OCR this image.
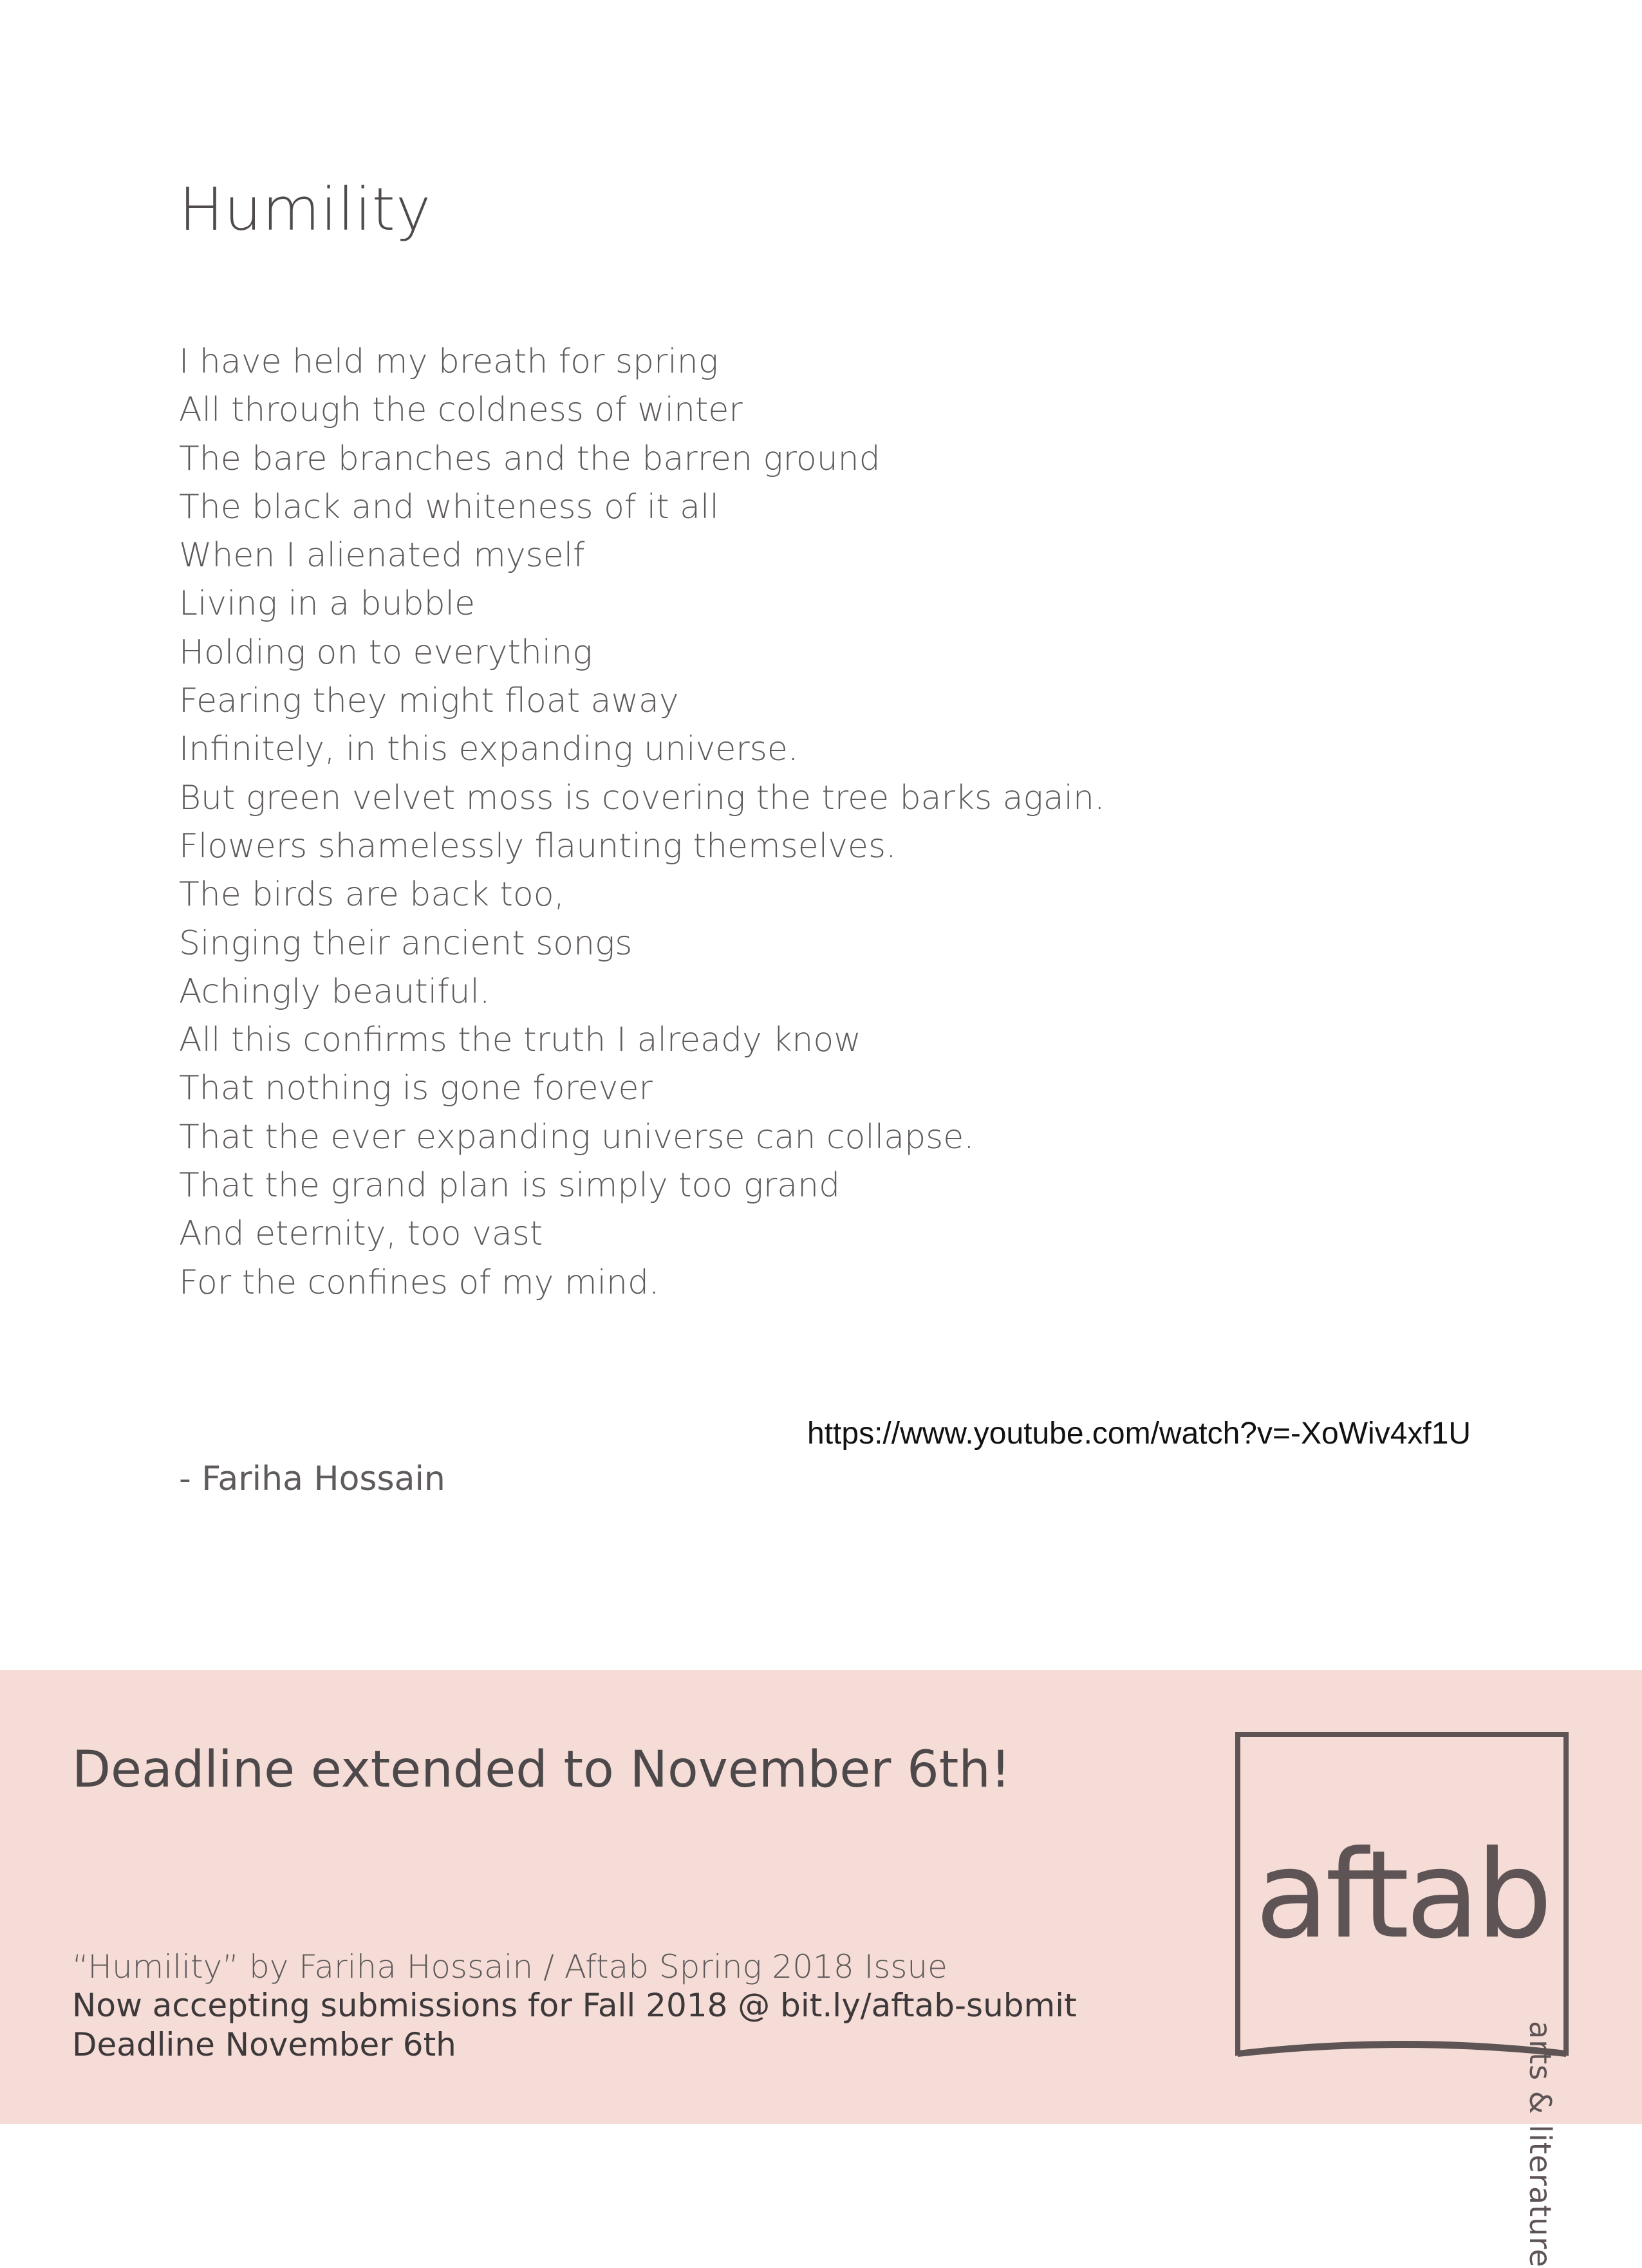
Humility
I have held my breath for spring
All through the coldness of winter
The bare branches and the barren ground
The black and whiteness of it all
When I alienated myself
Living in a bubble
Holding on to everything
Fearing they might float away
Infinitely, in this expanding universe.
But green velvet moss is covering the tree barks again.
Flowers shamelessly flaunting themselves.
The birds are back too,
Singing their ancient songs
Achingly beautiful.
All this confirms the truth I already know
That nothing is gone forever
That the ever expanding universe can collapse.
That the grand plan is simply too grand
And eternity, too vast
For the confines of my mind.
https://www.youtube.com/watch?v=-XoWiv4xf1U
- Fariha Hossain
Deadline extended to November 6th!
“Humility” by Fariha Hossain / Aftab Spring 2018 Issue
Now accepting submissions for Fall 2018 @ bit.ly/aftab-submit
Deadline November 6th
aftab
arts & literature
